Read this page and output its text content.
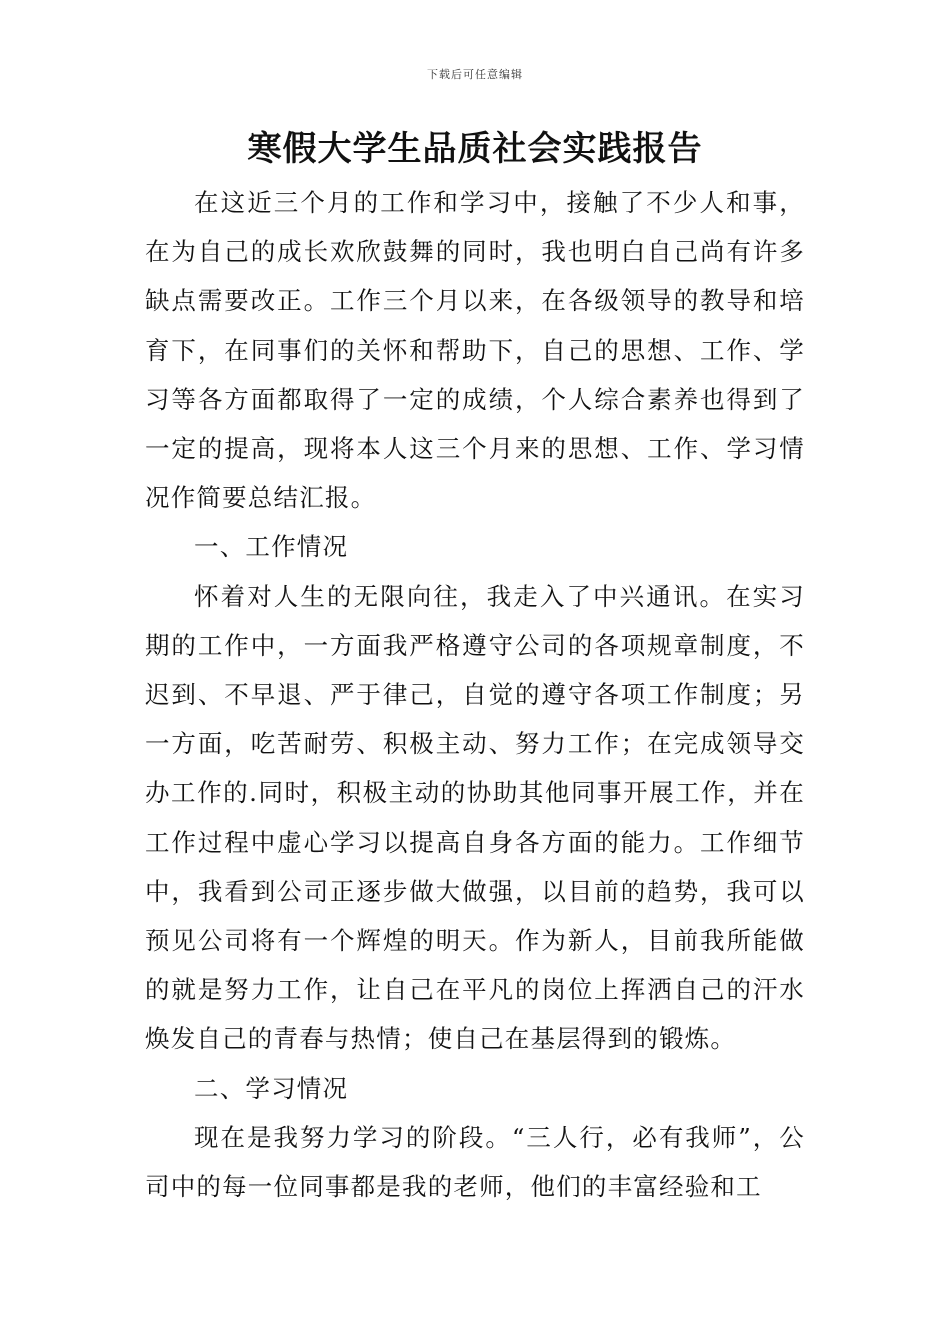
下载后可任意编辑
寒假大学生品质社会实践报告

在这近三个月的工作和学习中，接触了不少人和事，在为自己的成长欢欣鼓舞的同时，我也明白自己尚有许多缺点需要改正。工作三个月以来，在各级领导的教导和培育下，在同事们的关怀和帮助下，自己的思想、工作、学习等各方面都取得了一定的成绩，个人综合素养也得到了一定的提高，现将本人这三个月来的思想、工作、学习情况作简要总结汇报。

一、工作情况

怀着对人生的无限向往，我走入了中兴通讯。在实习期的工作中，一方面我严格遵守公司的各项规章制度，不迟到、不早退、严于律己，自觉的遵守各项工作制度；另一方面，吃苦耐劳、积极主动、努力工作；在完成领导交办工作的.同时，积极主动的协助其他同事开展工作，并在工作过程中虚心学习以提高自身各方面的能力。工作细节中，我看到公司正逐步做大做强，以目前的趋势，我可以预见公司将有一个辉煌的明天。作为新人，目前我所能做的就是努力工作，让自己在平凡的岗位上挥洒自己的汗水焕发自己的青春与热情；使自己在基层得到的锻炼。

二、学习情况

现在是我努力学习的阶段。“三人行，必有我师”，公司中的每一位同事都是我的老师，他们的丰富经验和工
